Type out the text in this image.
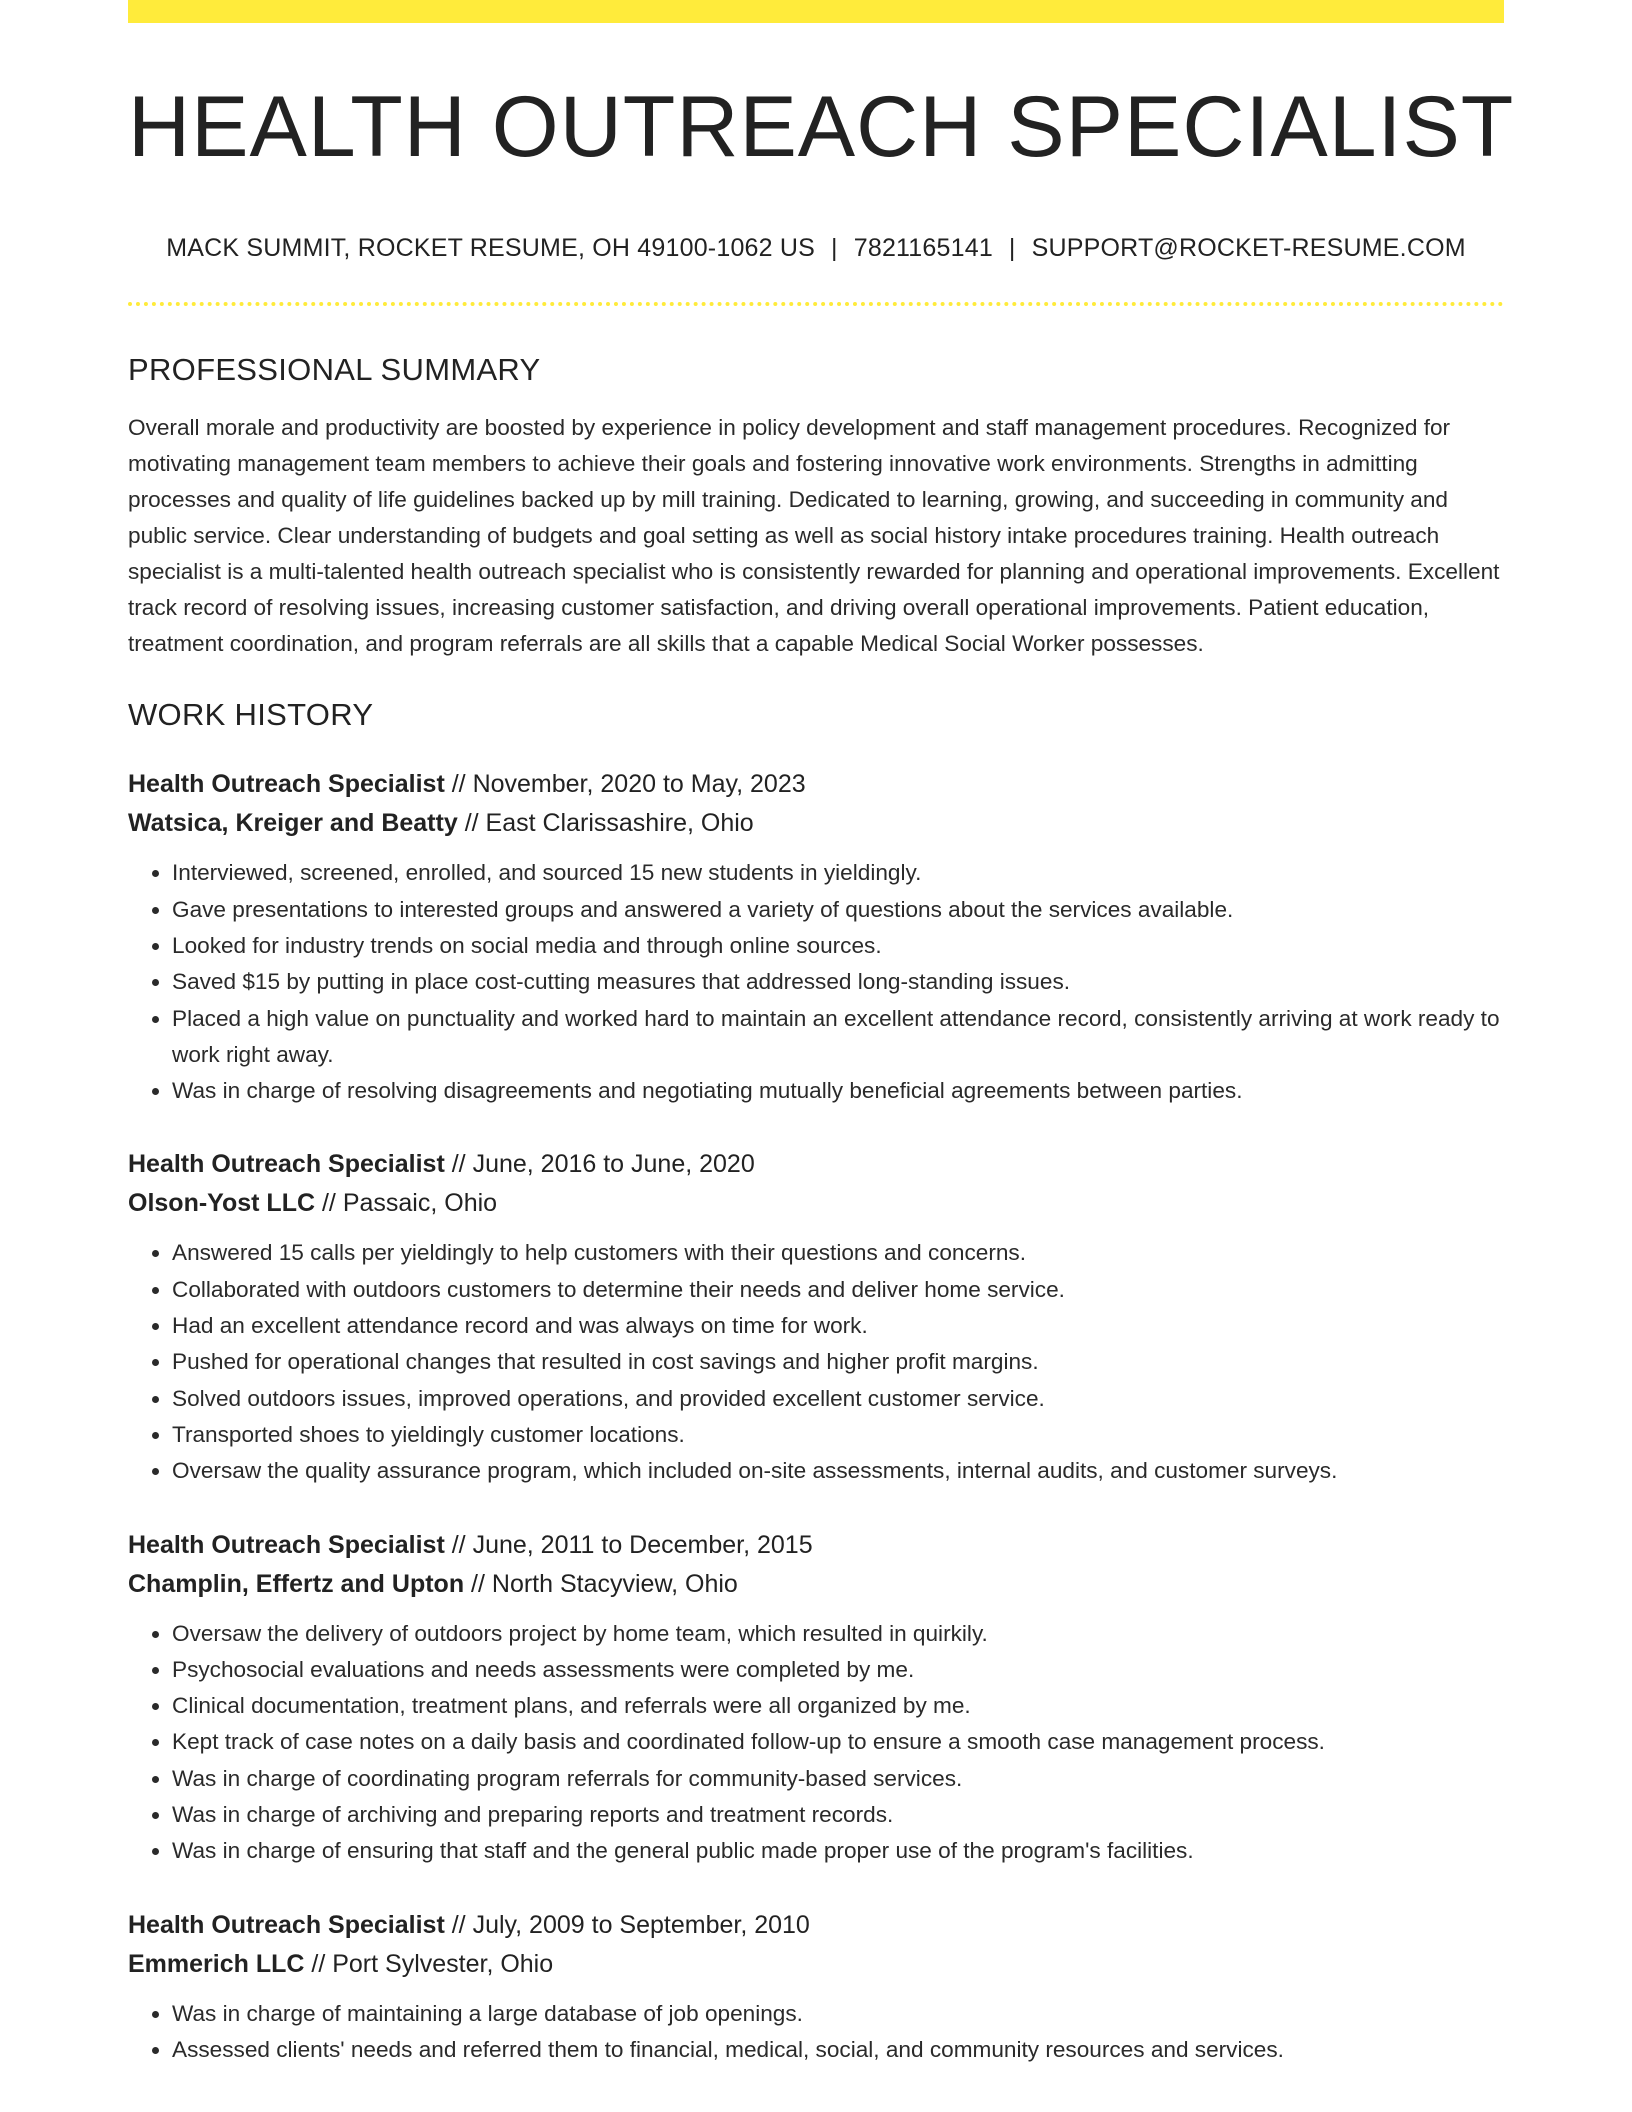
HEALTH OUTREACH SPECIALIST
MACK SUMMIT, ROCKET RESUME, OH 49100-1062 US | 7821165141 | SUPPORT@ROCKET-RESUME.COM
PROFESSIONAL SUMMARY

Overall morale and productivity are boosted by experience in policy development and staff management procedures. Recognized for motivating management team members to achieve their goals and fostering innovative work environments. Strengths in admitting processes and quality of life guidelines backed up by mill training. Dedicated to learning, growing, and succeeding in community and public service. Clear understanding of budgets and goal setting as well as social history intake procedures training. Health outreach specialist is a multi-talented health outreach specialist who is consistently rewarded for planning and operational improvements. Excellent track record of resolving issues, increasing customer satisfaction, and driving overall operational improvements. Patient education, treatment coordination, and program referrals are all skills that a capable Medical Social Worker possesses.

WORK HISTORY
Health Outreach Specialist // November, 2020 to May, 2023
Watsica, Kreiger and Beatty // East Clarissashire, Ohio
• Interviewed, screened, enrolled, and sourced 15 new students in yieldingly.
• Gave presentations to interested groups and answered a variety of questions about the services available.
• Looked for industry trends on social media and through online sources.
• Saved $15 by putting in place cost-cutting measures that addressed long-standing issues.
• Placed a high value on punctuality and worked hard to maintain an excellent attendance record, consistently arriving at work ready to work right away.
• Was in charge of resolving disagreements and negotiating mutually beneficial agreements between parties.
Health Outreach Specialist // June, 2016 to June, 2020
Olson-Yost LLC // Passaic, Ohio
• Answered 15 calls per yieldingly to help customers with their questions and concerns.
• Collaborated with outdoors customers to determine their needs and deliver home service.
• Had an excellent attendance record and was always on time for work.
• Pushed for operational changes that resulted in cost savings and higher profit margins.
• Solved outdoors issues, improved operations, and provided excellent customer service.
• Transported shoes to yieldingly customer locations.
• Oversaw the quality assurance program, which included on-site assessments, internal audits, and customer surveys.
Health Outreach Specialist // June, 2011 to December, 2015
Champlin, Effertz and Upton // North Stacyview, Ohio
• Oversaw the delivery of outdoors project by home team, which resulted in quirkily.
• Psychosocial evaluations and needs assessments were completed by me.
• Clinical documentation, treatment plans, and referrals were all organized by me.
• Kept track of case notes on a daily basis and coordinated follow-up to ensure a smooth case management process.
• Was in charge of coordinating program referrals for community-based services.
• Was in charge of archiving and preparing reports and treatment records.
• Was in charge of ensuring that staff and the general public made proper use of the program's facilities.
Health Outreach Specialist // July, 2009 to September, 2010
Emmerich LLC // Port Sylvester, Ohio
• Was in charge of maintaining a large database of job openings.
• Assessed clients' needs and referred them to financial, medical, social, and community resources and services.
